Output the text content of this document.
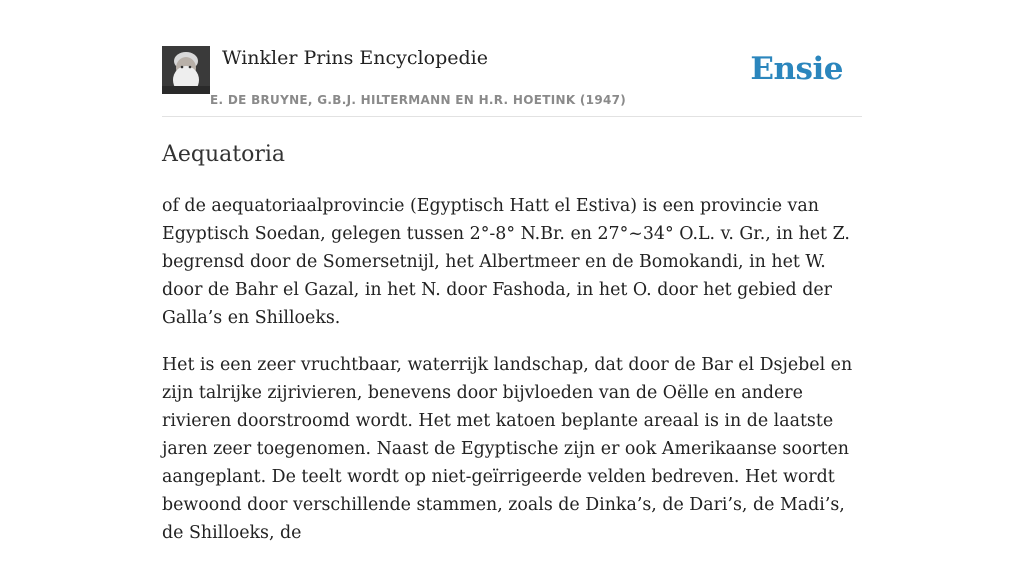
Winkler Prins Encyclopedie
E. DE BRUYNE, G.B.J. HILTERMANN EN H.R. HOETINK (1947)
Ensie
Aequatoria

of de aequatoriaalprovincie (Egyptisch Hatt el Estiva) is een provincie van Egyptisch Soedan, gelegen tussen 2°-8° N.Br. en 27°~34° O.L. v. Gr., in het Z. begrensd door de Somersetnijl, het Albertmeer en de Bomokandi, in het W. door de Bahr el Gazal, in het N. door Fashoda, in het O. door het gebied der Galla’s en Shilloeks.

Het is een zeer vruchtbaar, waterrijk landschap, dat door de Bar el Dsjebel en zijn talrijke zijrivieren, benevens door bijvloeden van de Oëlle en andere rivieren doorstroomd wordt. Het met katoen beplante areaal is in de laatste jaren zeer toegenomen. Naast de Egyptische zijn er ook Amerikaanse soorten aangeplant. De teelt wordt op niet-geïrrigeerde velden bedreven. Het wordt bewoond door verschillende stammen, zoals de Dinka’s, de Dari’s, de Madi’s, de Shilloeks, de
